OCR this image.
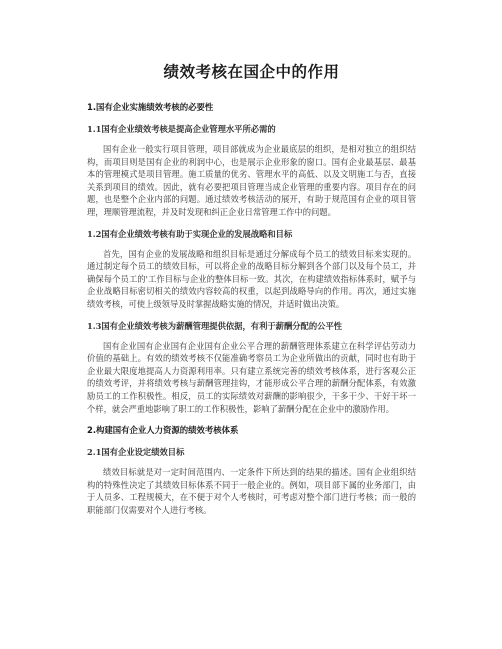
绩效考核在国企中的作用
1.国有企业实施绩效考核的必要性
1.1国有企业绩效考核是提高企业管理水平所必需的

国有企业一般实行项目管理，项目部就成为企业最底层的组织，是相对独立的组织结构，而项目则是国有企业的利润中心，也是展示企业形象的窗口。国有企业最基层、最基本的管理模式是项目管理。施工质量的优劣、管理水平的高低、以及文明施工与否，直接关系到项目的绩效。因此，就有必要把项目管理当成企业管理的重要内容。项目存在的问题，也是整个企业内部的问题。通过绩效考核活动的展开，有助于规范国有企业的项目管理，理顺管理流程，并及时发现和纠正企业日常管理工作中的问题。

1.2国有企业绩效考核有助于实现企业的发展战略和目标

首先，国有企业的发展战略和组织目标是通过分解成每个员工的绩效目标来实现的。通过制定每个员工的绩效目标，可以将企业的战略目标分解到各个部门以及每个员工，并确保每个员工的'工作目标与企业的整体目标一致。其次，在构建绩效指标体系时，赋予与企业战略目标密切相关的绩效内容较高的权重，以起到战略导向的作用。再次，通过实施绩效考核，可使上级领导及时掌握战略实施的情况，并适时做出决策。

1.3国有企业绩效考核为薪酬管理提供依据，有利于薪酬分配的公平性

国有企业国有企业国有企业国有企业公平合理的薪酬管理体系建立在科学评估劳动力价值的基础上。有效的绩效考核不仅能准确考察员工为企业所做出的贡献，同时也有助于企业最大限度地提高人力资源利用率。只有建立系统完善的绩效考核体系，进行客观公正的绩效考评，并将绩效考核与薪酬管理挂钩，才能形成公平合理的薪酬分配体系，有效激励员工的工作积极性。相反，员工的实际绩效对薪酬的影响很少，干多干少、干好干坏一个样，就会严重地影响了职工的工作积极性，影响了薪酬分配在企业中的激励作用。

2.构建国有企业人力资源的绩效考核体系
2.1国有企业设定绩效目标

绩效目标就是对一定时间范围内、一定条件下所达到的结果的描述。国有企业组织结构的特殊性决定了其绩效目标体系不同于一般企业的。例如，项目部下属的业务部门，由于人员多、工程规模大，在不便于对个人考核时，可考虑对整个部门进行考核；而一般的职能部门仅需要对个人进行考核。
